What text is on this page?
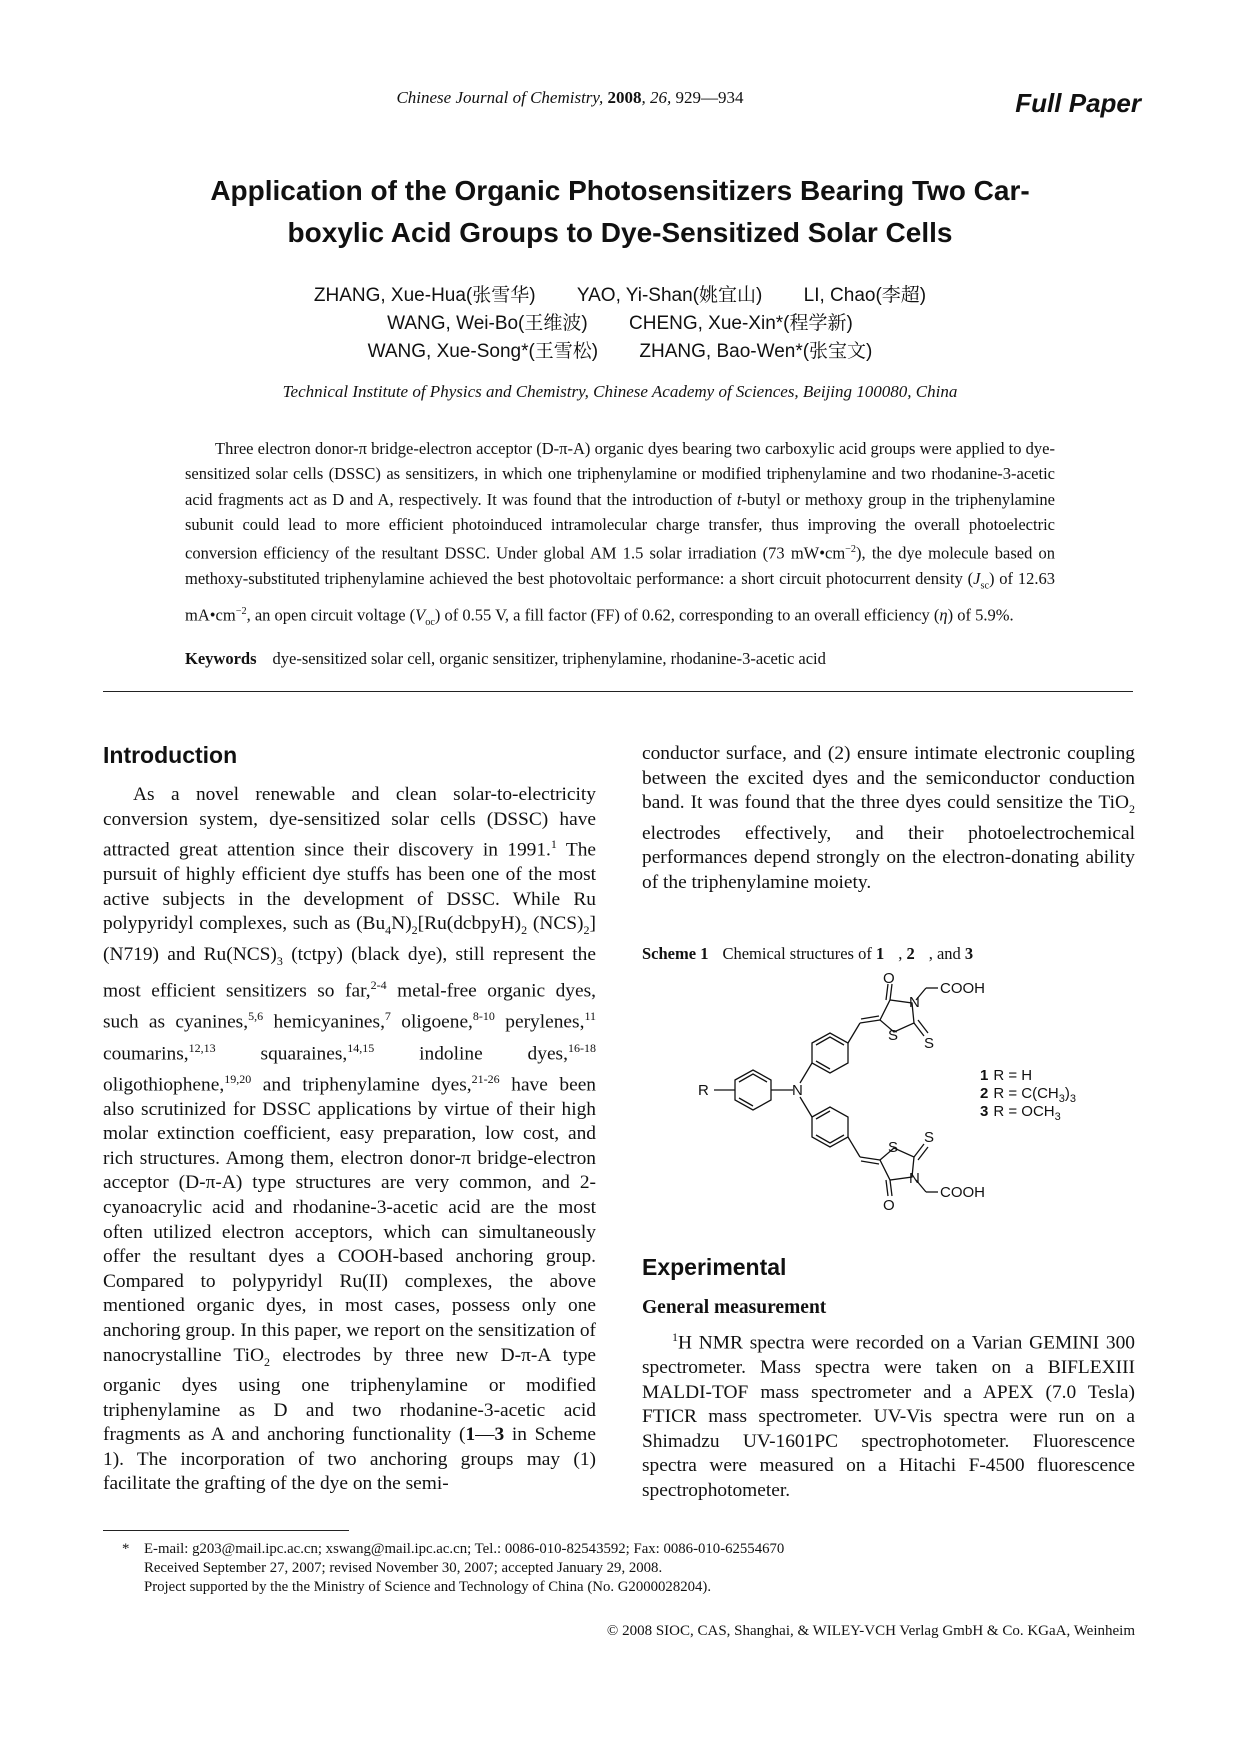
Chinese Journal of Chemistry, 2008, 26, 929—934	Full Paper
Application of the Organic Photosensitizers Bearing Two Car-
boxylic Acid Groups to Dye-Sensitized Solar Cells
ZHANG, Xue-Hua(张雪华) YAO, Yi-Shan(姚宜山) LI, Chao(李超)
WANG, Wei-Bo(王维波) CHENG, Xue-Xin*(程学新)
WANG, Xue-Song*(王雪松) ZHANG, Bao-Wen*(张宝文)
Technical Institute of Physics and Chemistry, Chinese Academy of Sciences, Beijing 100080, China
Three electron donor-π bridge-electron acceptor (D-π-A) organic dyes bearing two carboxylic acid groups were applied to dye-sensitized solar cells (DSSC) as sensitizers, in which one triphenylamine or modified triphenylamine and two rhodanine-3-acetic acid fragments act as D and A, respectively. It was found that the introduction of t-butyl or methoxy group in the triphenylamine subunit could lead to more efficient photoinduced intramolecular charge transfer, thus improving the overall photoelectric conversion efficiency of the resultant DSSC. Under global AM 1.5 solar irradiation (73 $mW•cm^{-2}$), the dye molecule based on methoxy-substituted triphenylamine achieved the best photovoltaic performance: a short circuit photocurrent density $(J_{sc})$ of 12.63 $mA•cm^{-2}$, an open circuit voltage $(V_{oc})$ of 0.55 V, a fill factor (FF) of 0.62, corresponding to an overall efficiency (η) of 5.9%.
Keywords dye-sensitized solar cell, organic sensitizer, triphenylamine, rhodanine-3-acetic acid
Introduction

As a novel renewable and clean solar-to-electricity conversion system, dye-sensitized solar cells (DSSC) have attracted great attention since their discovery in 1991.$^1$ The pursuit of highly efficient dye stuffs has been one of the most active subjects in the development of DSSC. While Ru polypyridyl complexes, such as $(Bu_4N)_2[Ru(dcbpyH)_2$ $(NCS)_2$] (N719) and $Ru(NCS)_3$ (tctpy) (black dye), still represent the most efficient sensitizers so far,$^{2-4}$ metal-free organic dyes, such as cyanines,$^{5,6}$ hemicyanines,$^7$ oligoene,$^{8-10}$ perylenes,$^{11}$ coumarins,$^{12,13}$ squaraines,$^{14,15}$ indoline dyes,$^{16-18}$ oligothiophene,$^{19,20}$ and triphenylamine dyes,$^{21-26}$ have been also scrutinized for DSSC applications by virtue of their high molar extinction coefficient, easy preparation, low cost, and rich structures. Among them, electron donor-π bridge-electron acceptor (D-π-A) type structures are very common, and 2-cyanoacrylic acid and rhodanine-3-acetic acid are the most often utilized electron acceptors, which can simultaneously offer the resultant dyes a COOH-based anchoring group. Compared to polypyridyl Ru(II) complexes, the above mentioned organic dyes, in most cases, possess only one anchoring group. In this paper, we report on the sensitization of nanocrystalline TiO$_2$ electrodes by three new D-π-A type organic dyes using one triphenylamine or modified triphenylamine as D and two rhodanine-3-acetic acid fragments as A and anchoring functionality (1—3 in Scheme 1). The incorporation of two anchoring groups may (1) facilitate the grafting of the dye on the semi-

conductor surface, and (2) ensure intimate electronic coupling between the excited dyes and the semiconductor conduction band. It was found that the three dyes could sensitize the TiO$_2$ electrodes effectively, and their photoelectrochemical performances depend strongly on the electron-donating ability of the triphenylamine moiety.

Scheme 1 Chemical structures of 1 , 2 , and 3
O
N
COOH
S S
N
R
S
S
N
COOH
O
1 R = H
2 $R = C(CH_3)_3$
3 $R = OCH_3$
Experimental
General measurement

$^1$H NMR spectra were recorded on a Varian GEMINI 300 spectrometer. Mass spectra were taken on a BIFLEXIII MALDI-TOF mass spectrometer and a APEX (7.0 Tesla) FTICR mass spectrometer. UV-Vis spectra were run on a Shimadzu UV-1601PC spectrophotometer. Fluorescence spectra were measured on a Hitachi F-4500 fluorescence spectrophotometer.

* E-mail: g203@mail.ipc.ac.cn; xswang@mail.ipc.ac.cn; Tel.: 0086-010-82543592; Fax: 0086-010-62554670
Received September 27, 2007; revised November 30, 2007; accepted January 29, 2008.
Project supported by the the Ministry of Science and Technology of China (No. G2000028204).
© 2008 SIOC, CAS, Shanghai, & WILEY-VCH Verlag GmbH & Co. KGaA, Weinheim
